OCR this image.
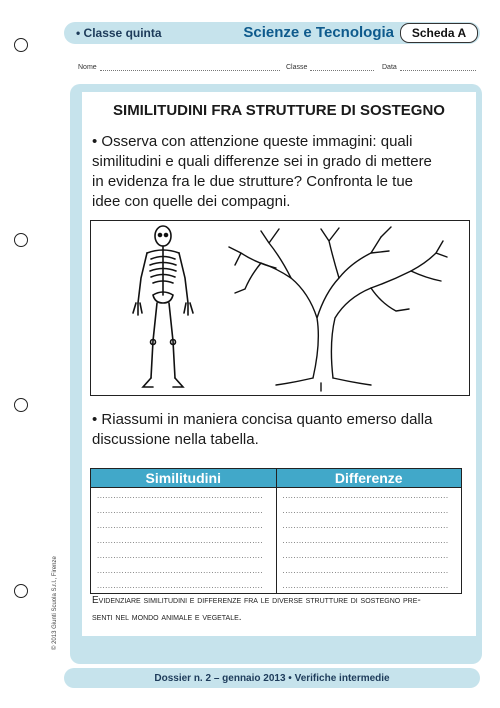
• Classe quinta	Scienze e Tecnologia	Scheda A
Nome	Classe	Data
SIMILITUDINI FRA STRUTTURE DI SOSTEGNO
• Osserva con attenzione queste immagini: quali
similitudini e quali differenze sei in grado di mettere
in evidenza fra le due strutture? Confronta le tue
idee con quelle dei compagni.
• Riassumi in maniera concisa quanto emerso dalla
discussione nella tabella.
Similitudini	Differenze
.............................................................	.............................................................
.............................................................	.............................................................
.............................................................	.............................................................
.............................................................	.............................................................
.............................................................	.............................................................
.............................................................	.............................................................
.............................................................	.............................................................
Evidenziare similitudini e differenze fra le diverse strutture di sostegno pre-
senti nel mondo animale e vegetale.
© 2013 Giunti Scuola S.r.l., Firenze
Dossier n. 2 – gennaio 2013 • Verifiche intermedie
